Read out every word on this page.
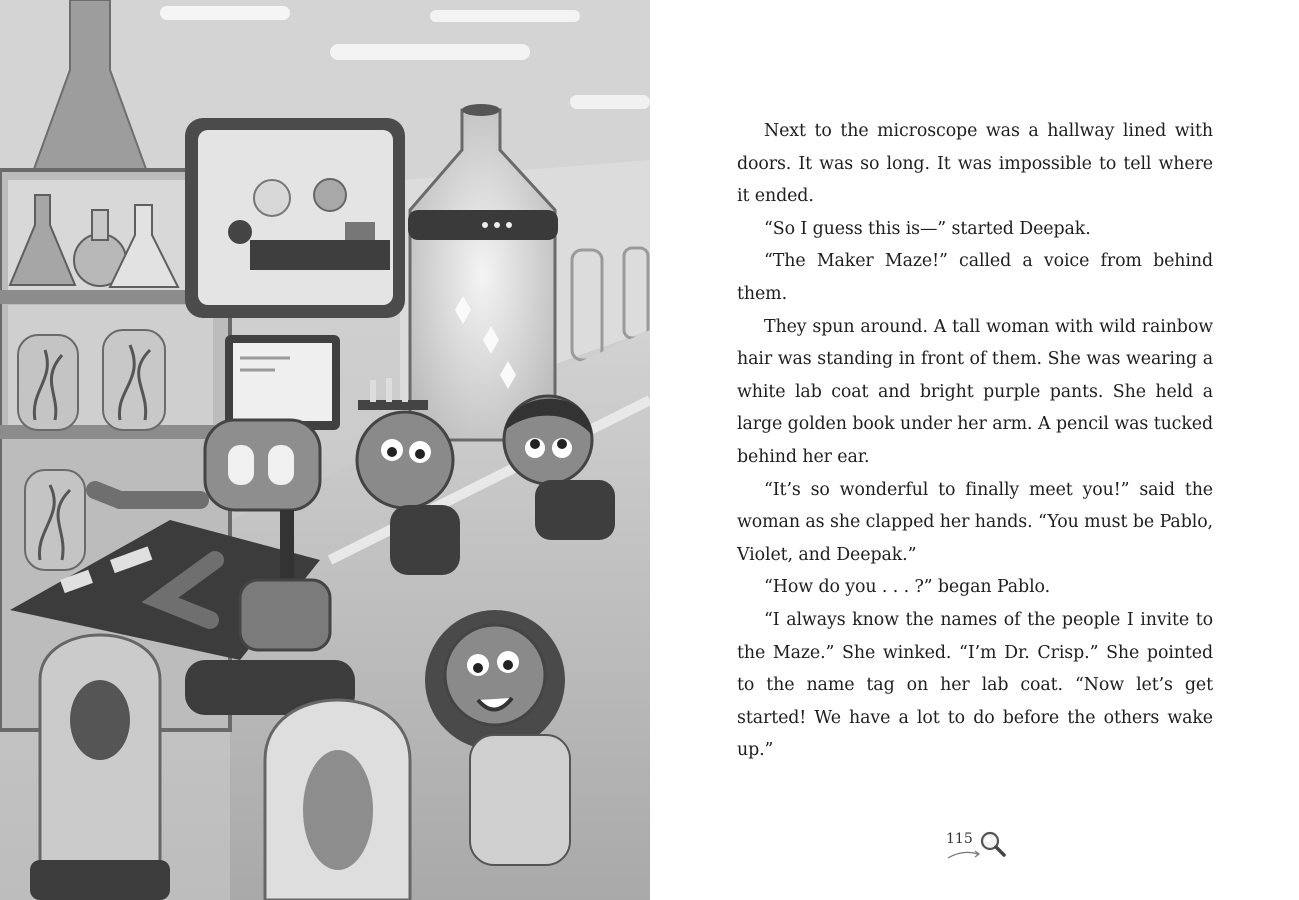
Next to the microscope was a hallway lined with doors. It was so long. It was impossible to tell where it ended.

“So I guess this is—” started Deepak.

“The Maker Maze!” called a voice from behind them.

They spun around. A tall woman with wild rainbow hair was standing in front of them. She was wearing a white lab coat and bright purple pants. She held a large golden book under her arm. A pencil was tucked behind her ear.

“It’s so wonderful to finally meet you!” said the woman as she clapped her hands. “You must be Pablo, Violet, and Deepak.”

“How do you . . . ?” began Pablo.

“I always know the names of the people I invite to the Maze.” She winked. “I’m Dr. Crisp.” She pointed to the name tag on her lab coat. “Now let’s get started! We have a lot to do before the others wake up.”

115
